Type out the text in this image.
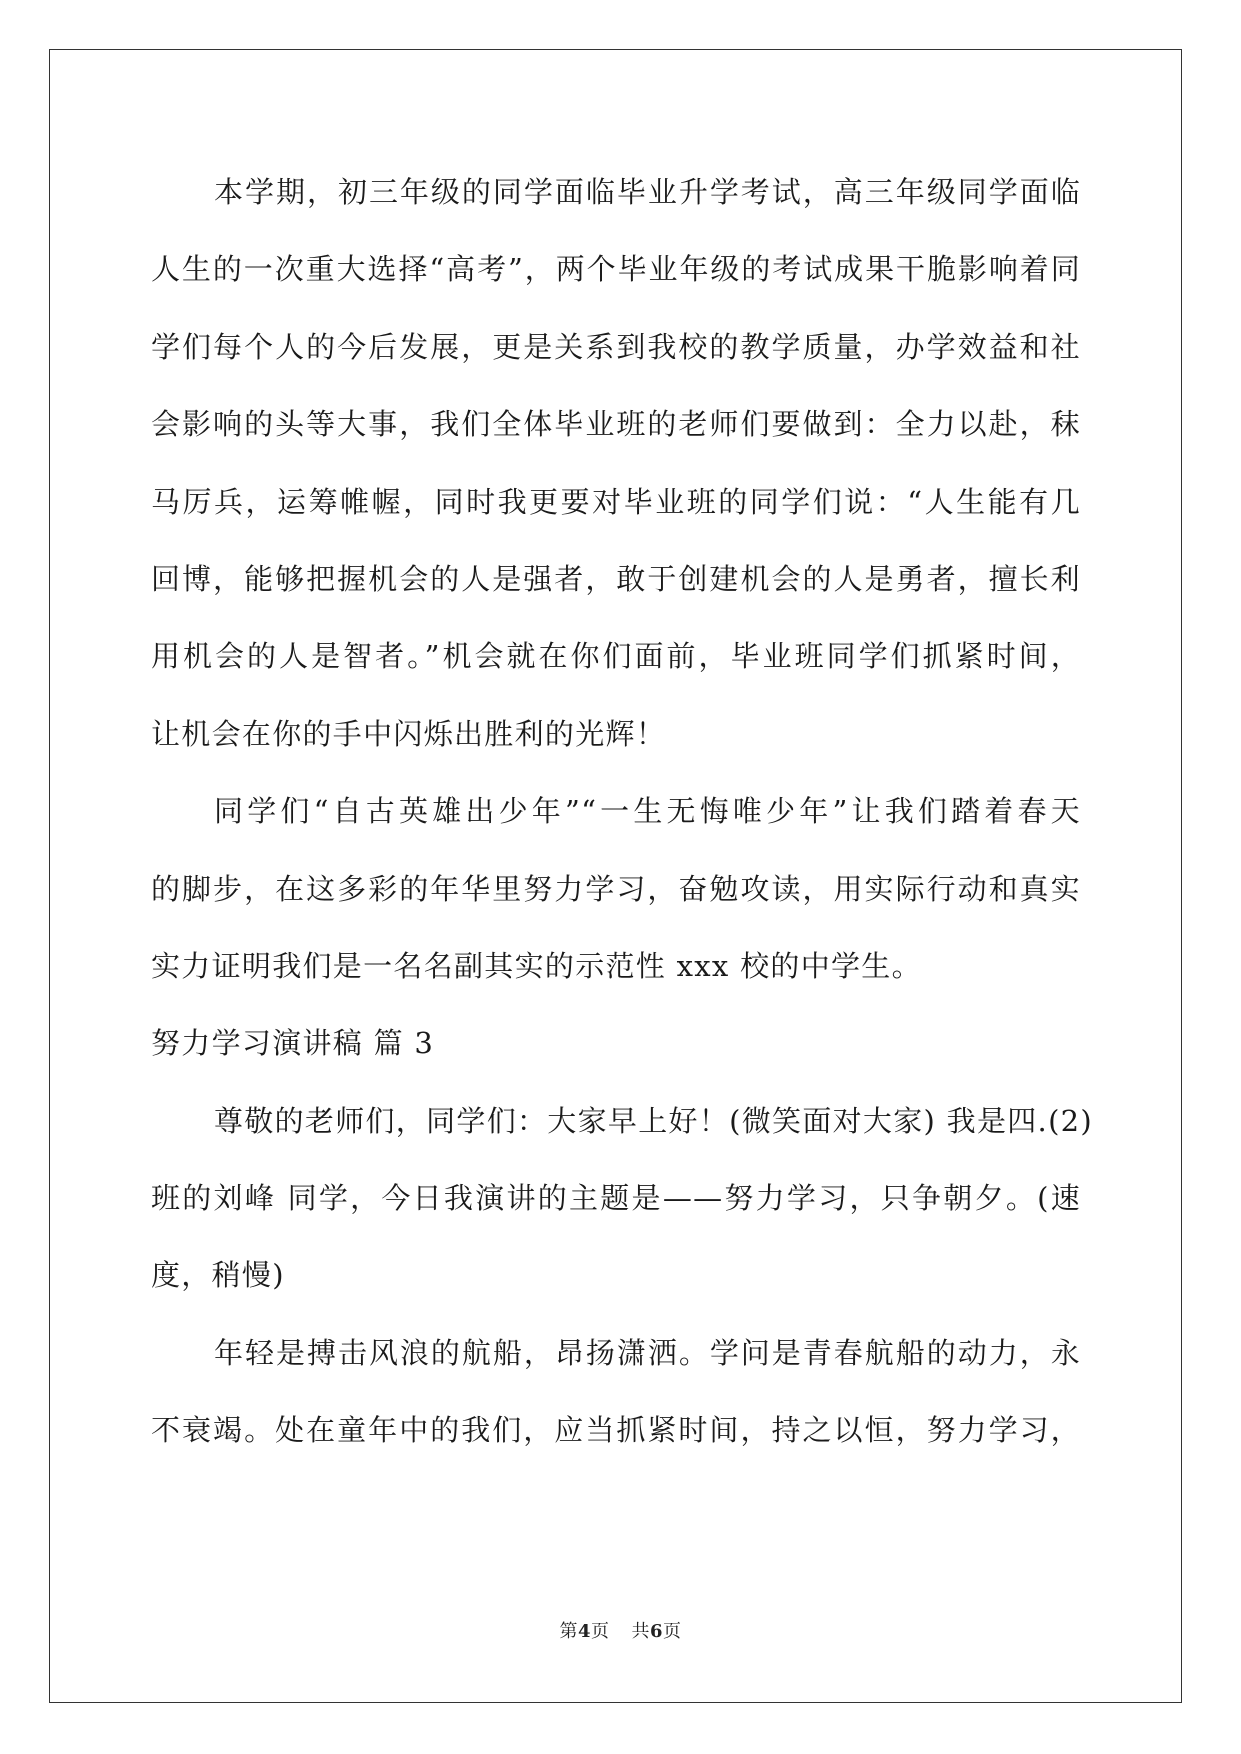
本学期，初三年级的同学面临毕业升学考试，高三年级同学面临
人生的一次重大选择“高考”，两个毕业年级的考试成果干脆影响着同
学们每个人的今后发展，更是关系到我校的教学质量，办学效益和社
会影响的头等大事，我们全体毕业班的老师们要做到：全力以赴，秣
马厉兵，运筹帷幄，同时我更要对毕业班的同学们说：“人生能有几
回博，能够把握机会的人是强者，敢于创建机会的人是勇者，擅长利
用机会的人是智者。”机会就在你们面前，毕业班同学们抓紧时间，
让机会在你的手中闪烁出胜利的光辉！
同学们“自古英雄出少年”“一生无悔唯少年”让我们踏着春天
的脚步，在这多彩的年华里努力学习，奋勉攻读，用实际行动和真实
实力证明我们是一名名副其实的示范性 xxx 校的中学生。
努力学习演讲稿 篇 3
尊敬的老师们，同学们：大家早上好！(微笑面对大家) 我是四.(2)
班的刘峰 同学，今日我演讲的主题是——努力学习，只争朝夕。(速
度，稍慢)
年轻是搏击风浪的航船，昂扬潇洒。学问是青春航船的动力，永
不衰竭。处在童年中的我们，应当抓紧时间，持之以恒，努力学习，
第4页 共6页
